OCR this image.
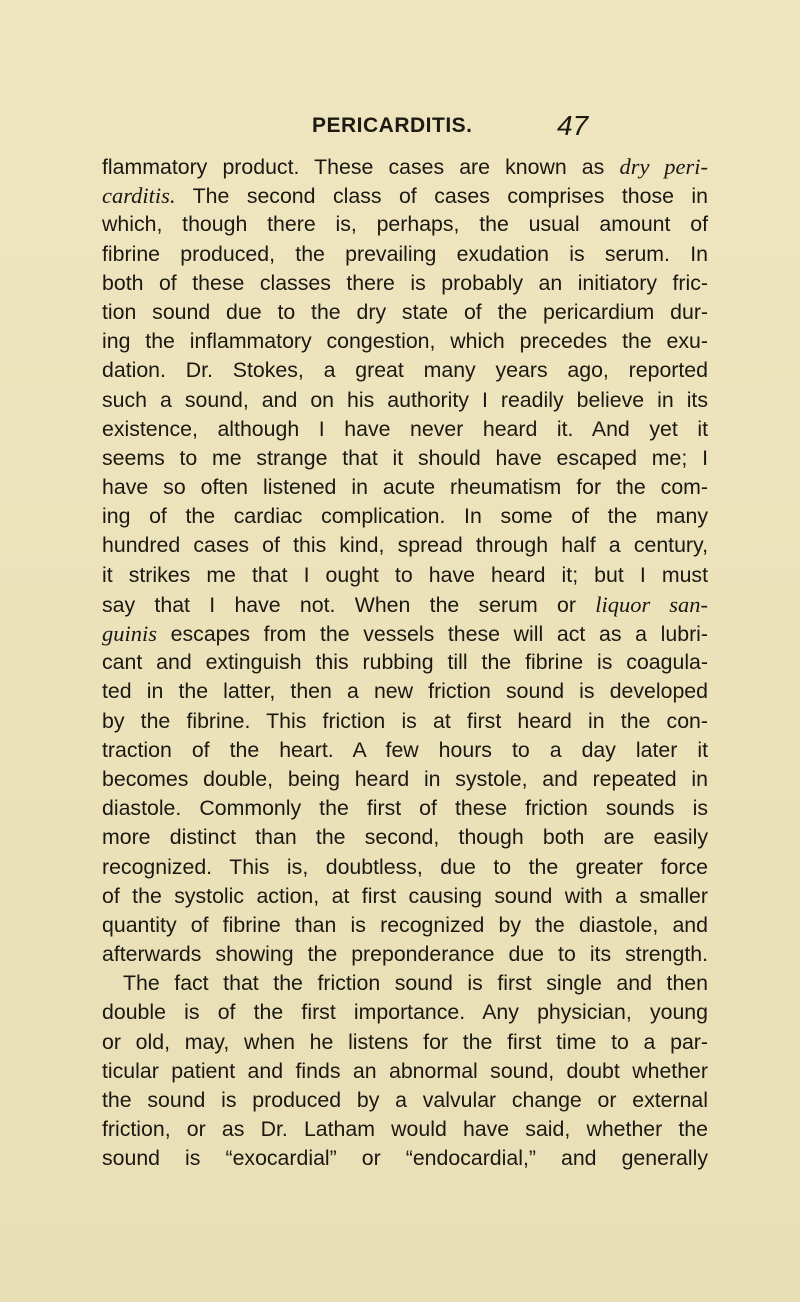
PERICARDITIS.	47
flammatory product. These cases are known as dry peri-
carditis. The second class of cases comprises those in
which, though there is, perhaps, the usual amount of
fibrine produced, the prevailing exudation is serum. In
both of these classes there is probably an initiatory fric-
tion sound due to the dry state of the pericardium dur-
ing the inflammatory congestion, which precedes the exu-
dation. Dr. Stokes, a great many years ago, reported
such a sound, and on his authority I readily believe in its
existence, although I have never heard it. And yet it
seems to me strange that it should have escaped me; I
have so often listened in acute rheumatism for the com-
ing of the cardiac complication. In some of the many
hundred cases of this kind, spread through half a century,
it strikes me that I ought to have heard it; but I must
say that I have not. When the serum or liquor san-
guinis escapes from the vessels these will act as a lubri-
cant and extinguish this rubbing till the fibrine is coagula-
ted in the latter, then a new friction sound is developed
by the fibrine. This friction is at first heard in the con-
traction of the heart. A few hours to a day later it
becomes double, being heard in systole, and repeated in
diastole. Commonly the first of these friction sounds is
more distinct than the second, though both are easily
recognized. This is, doubtless, due to the greater force
of the systolic action, at first causing sound with a smaller
quantity of fibrine than is recognized by the diastole, and
afterwards showing the preponderance due to its strength.
The fact that the friction sound is first single and then
double is of the first importance. Any physician, young
or old, may, when he listens for the first time to a par-
ticular patient and finds an abnormal sound, doubt whether
the sound is produced by a valvular change or external
friction, or as Dr. Latham would have said, whether the
sound is “exocardial” or “endocardial,” and generally
